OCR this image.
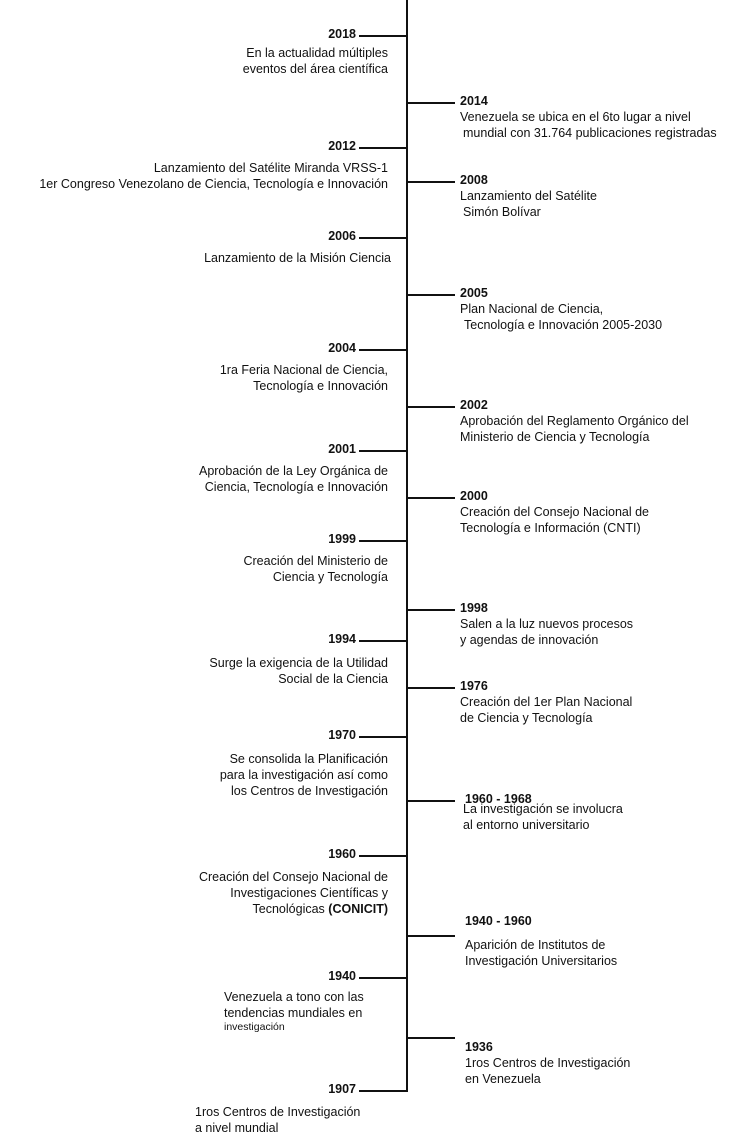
2018
En la actualidad múltiples
eventos del área científica
2014
Venezuela se ubica en el 6to lugar a nivel
mundial con 31.764 publicaciones registradas
2012
Lanzamiento del Satélite Miranda VRSS-1
1er Congreso Venezolano de Ciencia, Tecnología e Innovación	2008
Lanzamiento del Satélite
Simón Bolívar
2006
Lanzamiento de la Misión Ciencia
2005
Plan Nacional de Ciencia,
Tecnología e Innovación 2005-2030
2004
1ra Feria Nacional de Ciencia,
Tecnología e Innovación
2002
Aprobación del Reglamento Orgánico del
Ministerio de Ciencia y Tecnología
2001
Aprobación de la Ley Orgánica de
Ciencia, Tecnología e Innovación
2000
Creación del Consejo Nacional de
Tecnología e Información (CNTI)
1999
Creación del Ministerio de
Ciencia y Tecnología
1998
Salen a la luz nuevos procesos
y agendas de innovación
1994
Surge la exigencia de la Utilidad
Social de la Ciencia	1976
Creación del 1er Plan Nacional
de Ciencia y Tecnología
1970
Se consolida la Planificación
para la investigación así como
los Centros de Investigación
1960 - 1968
La investigación se involucra
al entorno universitario
1960
Creación del Consejo Nacional de
Investigaciones Científicas y
Tecnológicas (CONICIT)
1940 - 1960
Aparición de Institutos de
Investigación Universitarios
1940
Venezuela a tono con las
tendencias mundiales en
investigación
1936
1ros Centros de Investigación
en Venezuela
1907
1ros Centros de Investigación
a nivel mundial
